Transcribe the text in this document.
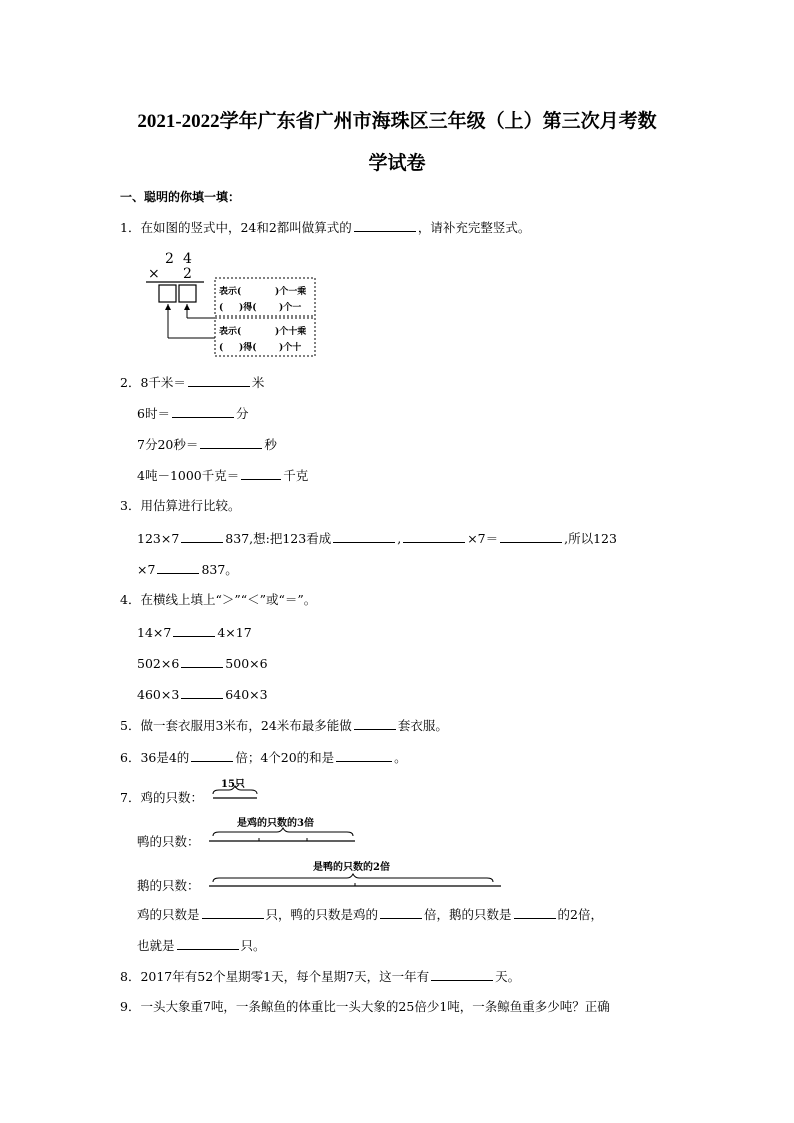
2021-2022学年广东省广州市海珠区三年级（上）第三次月考数
学试卷
一、聪明的你填一填：
1．在如图的竖式中，24和2都叫做算式的	，请补充完整竖式。
2 4
× 2
表示(	)个一乘
( )得( )个一
表示(	)个十乘
( )得( )个十
2．8千米＝	米
6时＝	分
7分20秒＝	秒
4吨－1000千克＝	千克
3．用估算进行比较。
123×7	837,想:把123看成	,	×7＝	,所以123
×7	837。
4．在横线上填上“＞”“＜”或“＝”。
14×7	4×17
502×6	500×6
460×3	640×3
5．做一套衣服用3米布，24米布最多能做	套衣服。
6．36是4的	倍；4个20的和是	。
7．鸡的只数：
15只
是鸡的只数的3倍
是鸭的只数的2倍
鸭的只数：
鹅的只数：
鸡的只数是	只，鸭的只数是鸡的	倍，鹅的只数是	的2倍，
也就是	只。
8．2017年有52个星期零1天，每个星期7天，这一年有	天。
9．一头大象重7吨，一条鲸鱼的体重比一头大象的25倍少1吨，一条鲸鱼重多少吨？正确
